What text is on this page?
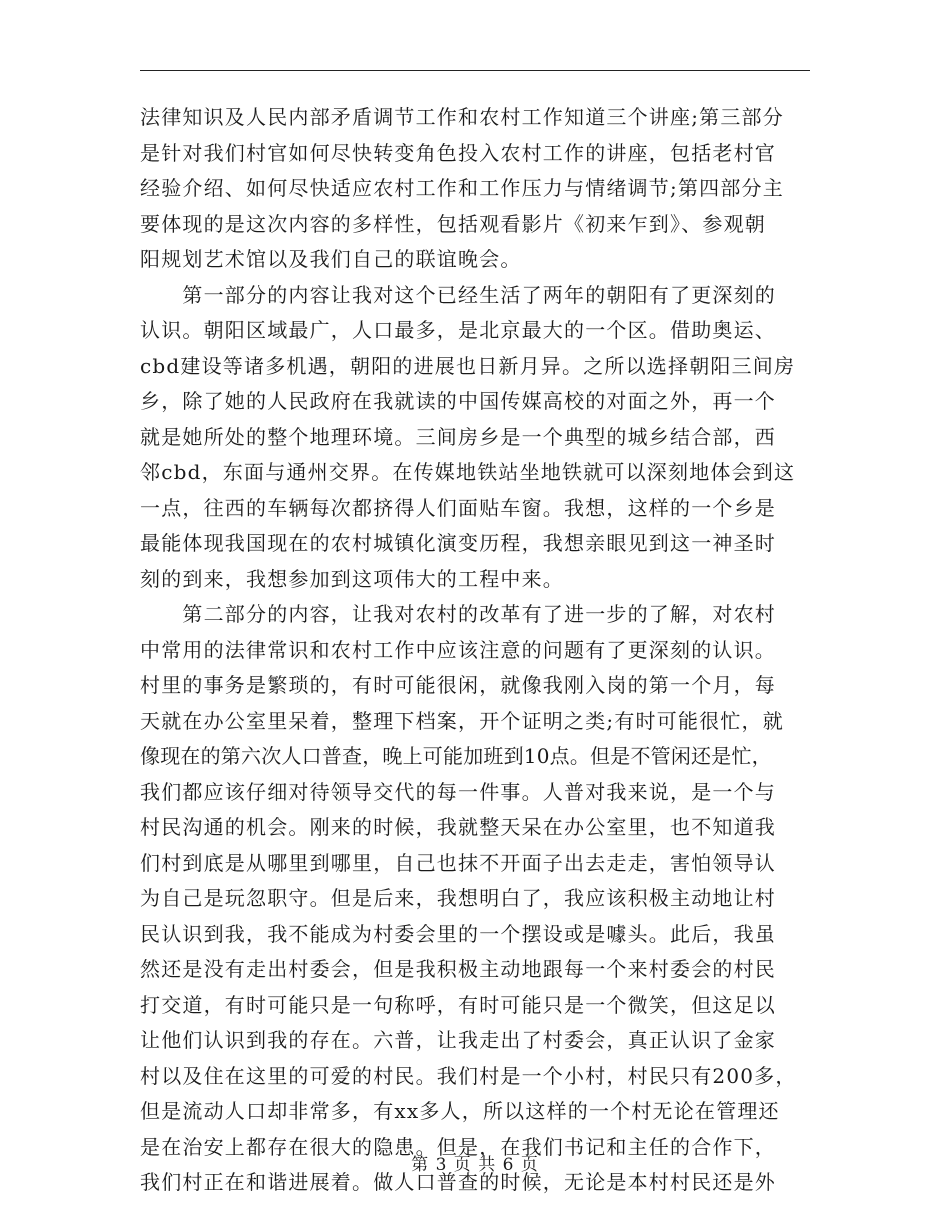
法律知识及人民内部矛盾调节工作和农村工作知道三个讲座;第三部分
是针对我们村官如何尽快转变角色投入农村工作的讲座，包括老村官
经验介绍、如何尽快适应农村工作和工作压力与情绪调节;第四部分主
要体现的是这次内容的多样性，包括观看影片《初来乍到》、参观朝
阳规划艺术馆以及我们自己的联谊晚会。
　　第一部分的内容让我对这个已经生活了两年的朝阳有了更深刻的
认识。朝阳区域最广，人口最多，是北京最大的一个区。借助奥运、
cbd建设等诸多机遇，朝阳的进展也日新月异。之所以选择朝阳三间房
乡，除了她的人民政府在我就读的中国传媒高校的对面之外，再一个
就是她所处的整个地理环境。三间房乡是一个典型的城乡结合部，西
邻cbd，东面与通州交界。在传媒地铁站坐地铁就可以深刻地体会到这
一点，往西的车辆每次都挤得人们面贴车窗。我想，这样的一个乡是
最能体现我国现在的农村城镇化演变历程，我想亲眼见到这一神圣时
刻的到来，我想参加到这项伟大的工程中来。
　　第二部分的内容，让我对农村的改革有了进一步的了解，对农村
中常用的法律常识和农村工作中应该注意的问题有了更深刻的认识。
村里的事务是繁琐的，有时可能很闲，就像我刚入岗的第一个月，每
天就在办公室里呆着，整理下档案，开个证明之类;有时可能很忙，就
像现在的第六次人口普查，晚上可能加班到10点。但是不管闲还是忙，
我们都应该仔细对待领导交代的每一件事。人普对我来说，是一个与
村民沟通的机会。刚来的时候，我就整天呆在办公室里，也不知道我
们村到底是从哪里到哪里，自己也抹不开面子出去走走，害怕领导认
为自己是玩忽职守。但是后来，我想明白了，我应该积极主动地让村
民认识到我，我不能成为村委会里的一个摆设或是噱头。此后，我虽
然还是没有走出村委会，但是我积极主动地跟每一个来村委会的村民
打交道，有时可能只是一句称呼，有时可能只是一个微笑，但这足以
让他们认识到我的存在。六普，让我走出了村委会，真正认识了金家
村以及住在这里的可爱的村民。我们村是一个小村，村民只有200多，
但是流动人口却非常多，有xx多人，所以这样的一个村无论在管理还
是在治安上都存在很大的隐患。但是，在我们书记和主任的合作下，
我们村正在和谐进展着。做人口普查的时候，无论是本村村民还是外
第 3 页 共 6 页
